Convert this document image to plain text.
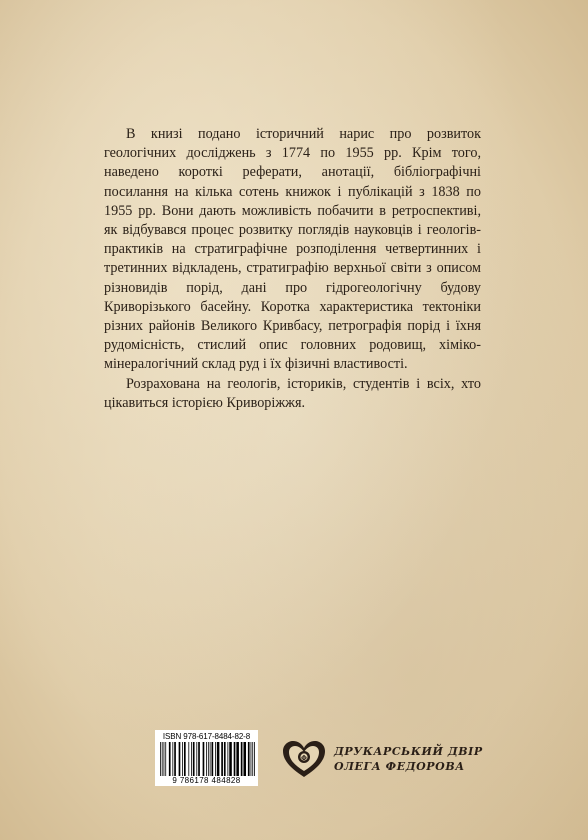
В книзі подано історичний нарис про розвиток геологічних досліджень з 1774 по 1955 рр. Крім того, наведено короткі реферати, анотації, бібліографічні посилання на кілька сотень книжок і публікацій з 1838 по 1955 рр. Вони дають можливість побачити в ретроспективі, як відбувався процес розвитку поглядів науковців і геологів-практиків на стратиграфічне розподілення четвертинних і третинних відкладень, стратиграфію верхньої світи з описом різновидів порід, дані про гідрогеологічну будову Криворізького басейну. Коротка характеристика тектоніки різних районів Великого Кривбасу, петрографія порід і їхня рудомісність, стислий опис головних родовищ, хіміко-мінералогічний склад руд і їх фізичні властивості.

Розрахована на геологів, істориків, студентів і всіх, хто цікавиться історією Криворіжжя.

ISBN 978-617-8484-82-8
9 786178 484828
Ф
ДРУКАРСЬКИЙ ДВІР
ОЛЕГА ФЕДОРОВА
